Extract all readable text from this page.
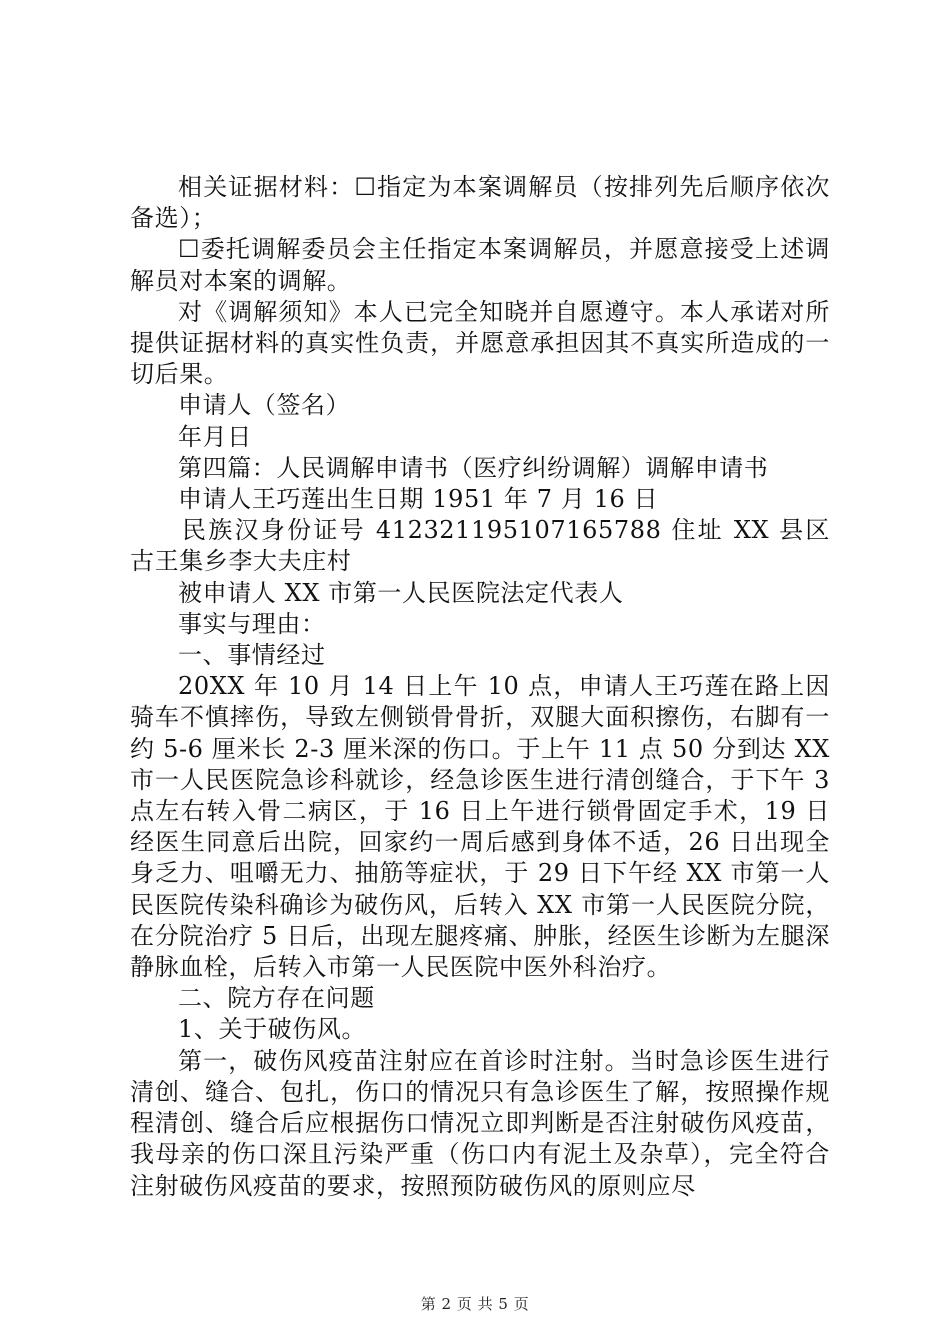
相关证据材料：☐指定为本案调解员（按排列先后顺序依次备选）；

☐委托调解委员会主任指定本案调解员，并愿意接受上述调解员对本案的调解。

对《调解须知》本人已完全知晓并自愿遵守。本人承诺对所提供证据材料的真实性负责，并愿意承担因其不真实所造成的一切后果。

申请人（签名）

年月日

第四篇：人民调解申请书（医疗纠纷调解）调解申请书

申请人王巧莲出生日期 1951 年 7 月 16 日

民族汉身份证号 412321195107165788 住址 XX 县区古王集乡李大夫庄村

被申请人 XX 市第一人民医院法定代表人

事实与理由：

一、事情经过

20XX 年 10 月 14 日上午 10 点，申请人王巧莲在路上因骑车不慎摔伤，导致左侧锁骨骨折，双腿大面积擦伤，右脚有一约 5-6 厘米长 2-3 厘米深的伤口。于上午 11 点 50 分到达 XX 市一人民医院急诊科就诊，经急诊医生进行清创缝合，于下午 3 点左右转入骨二病区，于 16 日上午进行锁骨固定手术，19 日经医生同意后出院，回家约一周后感到身体不适，26 日出现全身乏力、咀嚼无力、抽筋等症状，于 29 日下午经 XX 市第一人民医院传染科确诊为破伤风，后转入 XX 市第一人民医院分院，在分院治疗 5 日后，出现左腿疼痛、肿胀，经医生诊断为左腿深静脉血栓，后转入市第一人民医院中医外科治疗。

二、院方存在问题

1、关于破伤风。

第一，破伤风疫苗注射应在首诊时注射。当时急诊医生进行清创、缝合、包扎，伤口的情况只有急诊医生了解，按照操作规程清创、缝合后应根据伤口情况立即判断是否注射破伤风疫苗，我母亲的伤口深且污染严重（伤口内有泥土及杂草），完全符合注射破伤风疫苗的要求，按照预防破伤风的原则应尽

第 2 页 共 5 页
